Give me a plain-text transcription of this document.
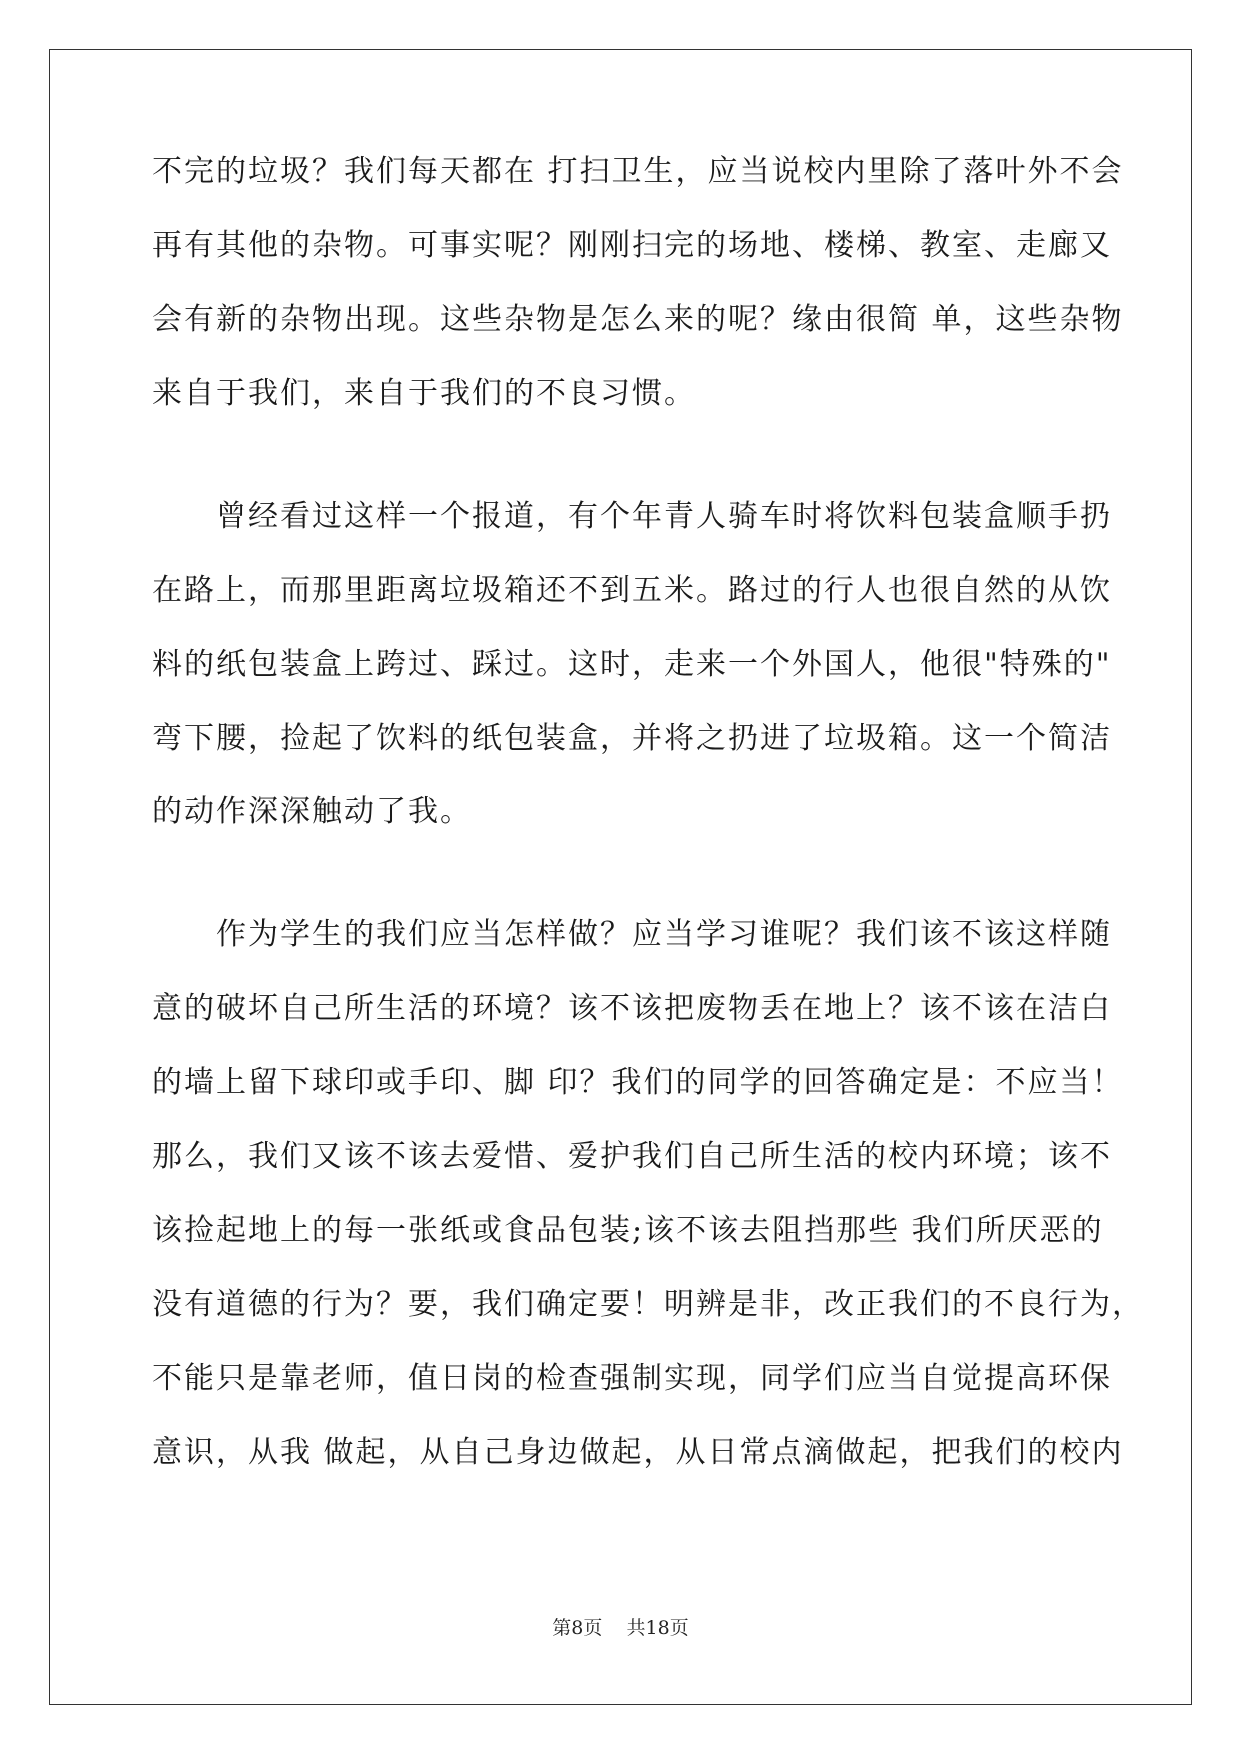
不完的垃圾？我们每天都在 打扫卫生，应当说校内里除了落叶外不会
再有其他的杂物。可事实呢？刚刚扫完的场地、楼梯、教室、走廊又
会有新的杂物出现。这些杂物是怎么来的呢？缘由很简 单，这些杂物
来自于我们，来自于我们的不良习惯。
　　曾经看过这样一个报道，有个年青人骑车时将饮料包装盒顺手扔
在路上，而那里距离垃圾箱还不到五米。路过的行人也很自然的从饮
料的纸包装盒上跨过、踩过。这时，走来一个外国人，他很"特殊的"
弯下腰，捡起了饮料的纸包装盒，并将之扔进了垃圾箱。这一个简洁
的动作深深触动了我。
　　作为学生的我们应当怎样做？应当学习谁呢？我们该不该这样随
意的破坏自己所生活的环境？该不该把废物丢在地上？该不该在洁白
的墙上留下球印或手印、脚 印？我们的同学的回答确定是：不应当！
那么，我们又该不该去爱惜、爱护我们自己所生活的校内环境；该不
该捡起地上的每一张纸或食品包装;该不该去阻挡那些 我们所厌恶的
没有道德的行为？要，我们确定要！明辨是非，改正我们的不良行为，
不能只是靠老师，值日岗的检查强制实现，同学们应当自觉提高环保
意识，从我 做起，从自己身边做起，从日常点滴做起，把我们的校内
第8页 共18页
